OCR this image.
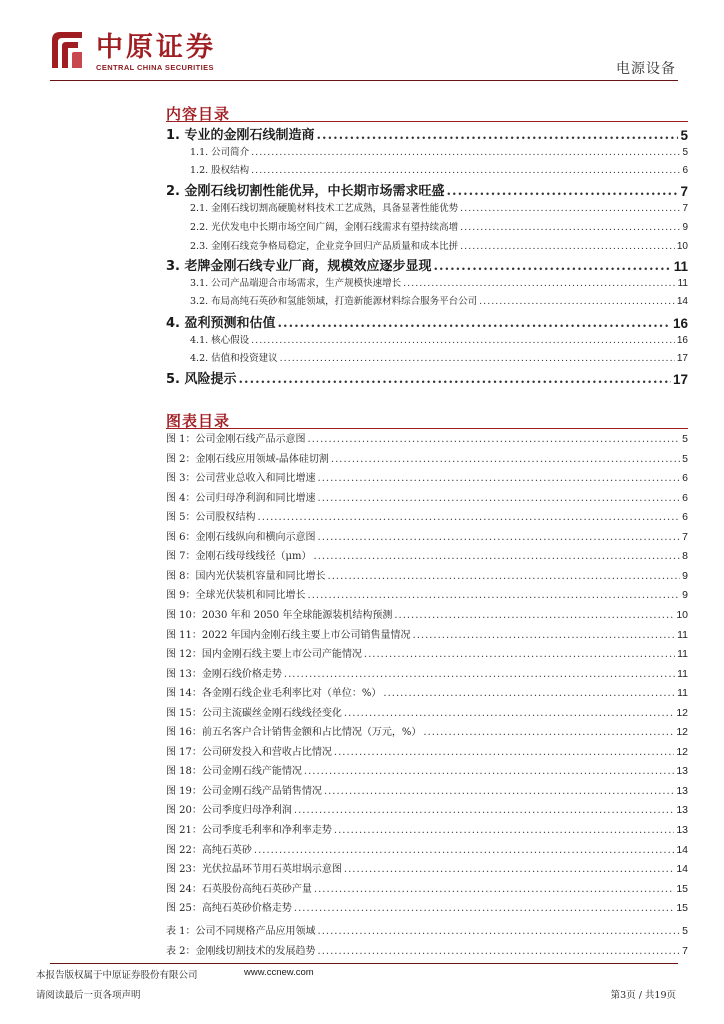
中原证券
CENTRAL CHINA SECURITIES	电源设备
内容目录
1. 专业的金刚石线制造商 .....	5
1.1. 公司简介 .....	5
1.2. 股权结构 .....	6
2. 金刚石线切割性能优异，中长期市场需求旺盛 .....	7
2.1. 金刚石线切割高硬脆材料技术工艺成熟，具备显著性能优势 .....	7
2.2. 光伏发电中长期市场空间广阔，金刚石线需求有望持续高增 .....	9
2.3. 金刚石线竞争格局稳定，企业竞争回归产品质量和成本比拼 .....	10
3. 老牌金刚石线专业厂商，规模效应逐步显现 .....	11
3.1. 公司产品端迎合市场需求，生产规模快速增长 .....	11
3.2. 布局高纯石英砂和氢能领域，打造新能源材料综合服务平台公司 .....	14
4. 盈利预测和估值 .....	16
4.1. 核心假设 .....	16
4.2. 估值和投资建议 .....	17
5. 风险提示 .....	17
图表目录
图 1：公司金刚石线产品示意图 .....	5
图 2：金刚石线应用领域-晶体硅切割 .....	5
图 3：公司营业总收入和同比增速 .....	6
图 4：公司归母净利润和同比增速 .....	6
图 5：公司股权结构 .....	6
图 6：金刚石线纵向和横向示意图 .....	7
图 7：金刚石线母线线径（μm） .....	8
图 8：国内光伏装机容量和同比增长 .....	9
图 9：全球光伏装机和同比增长 .....	9
图 10：2030 年和 2050 年全球能源装机结构预测 .....	10
图 11：2022 年国内金刚石线主要上市公司销售量情况 .....	11
图 12：国内金刚石线主要上市公司产能情况 .....	11
图 13：金刚石线价格走势 .....	11
图 14：各金刚石线企业毛利率比对（单位：%） .....	11
图 15：公司主流碳丝金刚石线线径变化 .....	12
图 16：前五名客户合计销售金额和占比情况（万元，%） .....	12
图 17：公司研发投入和营收占比情况 .....	12
图 18：公司金刚石线产能情况 .....	13
图 19：公司金刚石线产品销售情况 .....	13
图 20：公司季度归母净利润 .....	13
图 21：公司季度毛利率和净利率走势 .....	13
图 22：高纯石英砂 .....	14
图 23：光伏拉晶环节用石英坩埚示意图 .....	14
图 24：石英股份高纯石英砂产量 .....	15
图 25：高纯石英砂价格走势 .....	15
表 1：公司不同规格产品应用领域 .....	5
表 2：金刚线切割技术的发展趋势 .....	7
本报告版权属于中原证券股份有限公司	www.ccnew.com
请阅读最后一页各项声明	第3页 / 共19页
